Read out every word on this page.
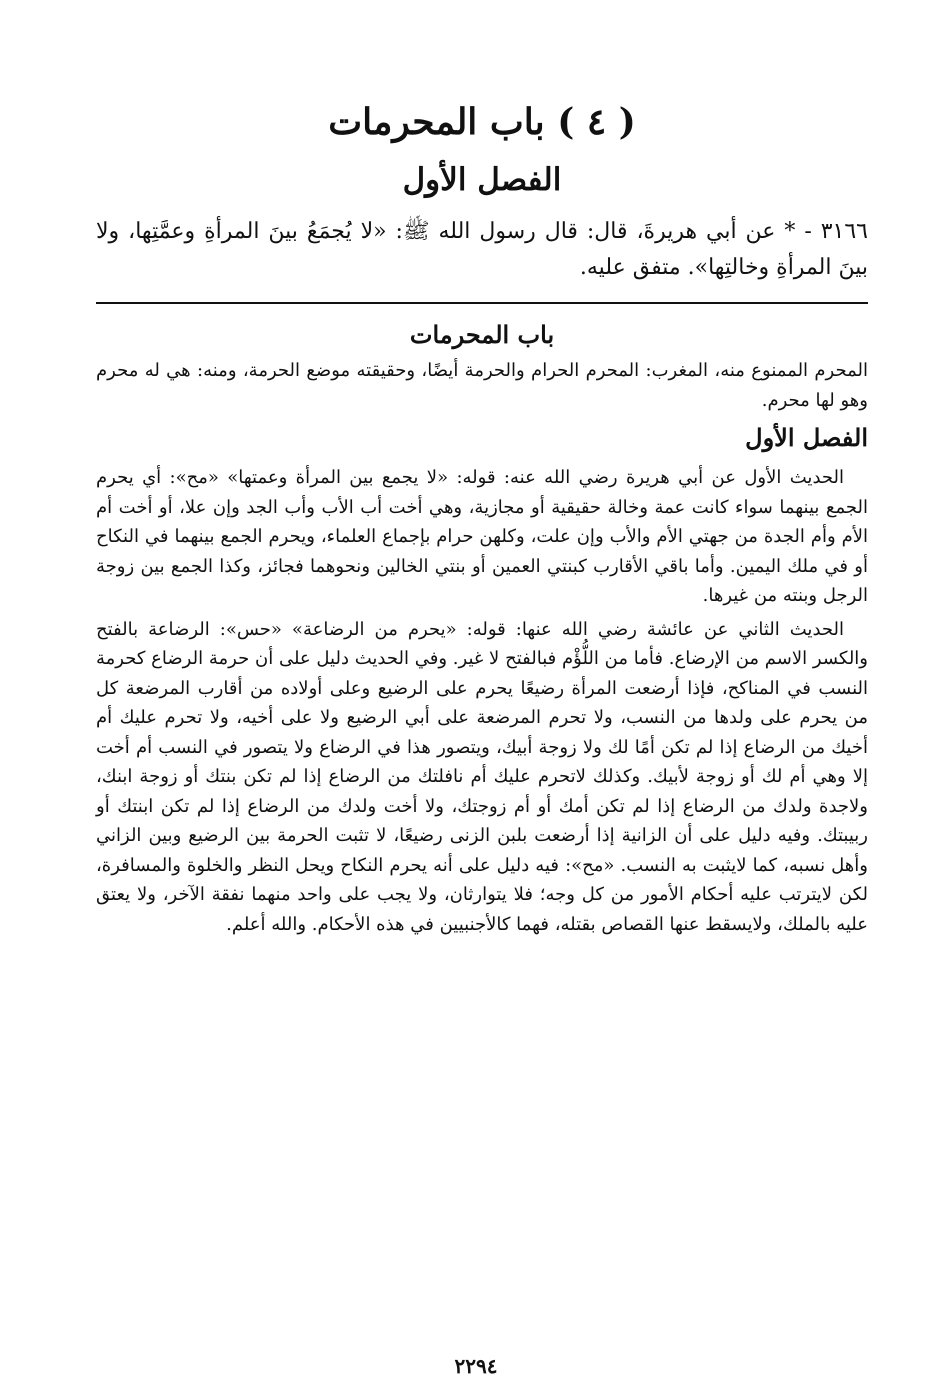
( ٤ ) باب المحرمات
الفصل الأول

٣١٦٦ - * عن أبي هريرةَ، قال: قال رسول الله ﷺ: «لا يُجمَعُ بينَ المرأةِ وعمَّتِها، ولا بينَ المرأةِ وخالتِها». متفق عليه.

باب المحرمات

المحرم الممنوع منه، المغرب: المحرم الحرام والحرمة أيضًا، وحقيقته موضع الحرمة، ومنه: هي له محرم وهو لها محرم.

الفصل الأول

الحديث الأول عن أبي هريرة رضي الله عنه: قوله: «لا يجمع بين المرأة وعمتها» «مح»: أي يحرم الجمع بينهما سواء كانت عمة وخالة حقيقية أو مجازية، وهي أخت أب الأب وأب الجد وإن علا، أو أخت أم الأم وأم الجدة من جهتي الأم والأب وإن علت، وكلهن حرام بإجماع العلماء، ويحرم الجمع بينهما في النكاح أو في ملك اليمين. وأما باقي الأقارب كبنتي العمين أو بنتي الخالين ونحوهما فجائز، وكذا الجمع بين زوجة الرجل وبنته من غيرها.

الحديث الثاني عن عائشة رضي الله عنها: قوله: «يحرم من الرضاعة» «حس»: الرضاعة بالفتح والكسر الاسم من الإرضاع. فأما من اللُّؤْم فبالفتح لا غير. وفي الحديث دليل على أن حرمة الرضاع كحرمة النسب في المناكح، فإذا أرضعت المرأة رضيعًا يحرم على الرضيع وعلى أولاده من أقارب المرضعة كل من يحرم على ولدها من النسب، ولا تحرم المرضعة على أبي الرضيع ولا على أخيه، ولا تحرم عليك أم أخيك من الرضاع إذا لم تكن أمًا لك ولا زوجة أبيك، ويتصور هذا في الرضاع ولا يتصور في النسب أم أخت إلا وهي أم لك أو زوجة لأبيك. وكذلك لاتحرم عليك أم نافلتك من الرضاع إذا لم تكن بنتك أو زوجة ابنك، ولاجدة ولدك من الرضاع إذا لم تكن أمك أو أم زوجتك، ولا أخت ولدك من الرضاع إذا لم تكن ابنتك أو ربيبتك. وفيه دليل على أن الزانية إذا أرضعت بلبن الزنى رضيعًا، لا تثبت الحرمة بين الرضيع وبين الزاني وأهل نسبه، كما لايثبت به النسب. «مح»: فيه دليل على أنه يحرم النكاح ويحل النظر والخلوة والمسافرة، لكن لايترتب عليه أحكام الأمور من كل وجه؛ فلا يتوارثان، ولا يجب على واحد منهما نفقة الآخر، ولا يعتق عليه بالملك، ولايسقط عنها القصاص بقتله، فهما كالأجنبيين في هذه الأحكام. والله أعلم.

٢٢٩٤
